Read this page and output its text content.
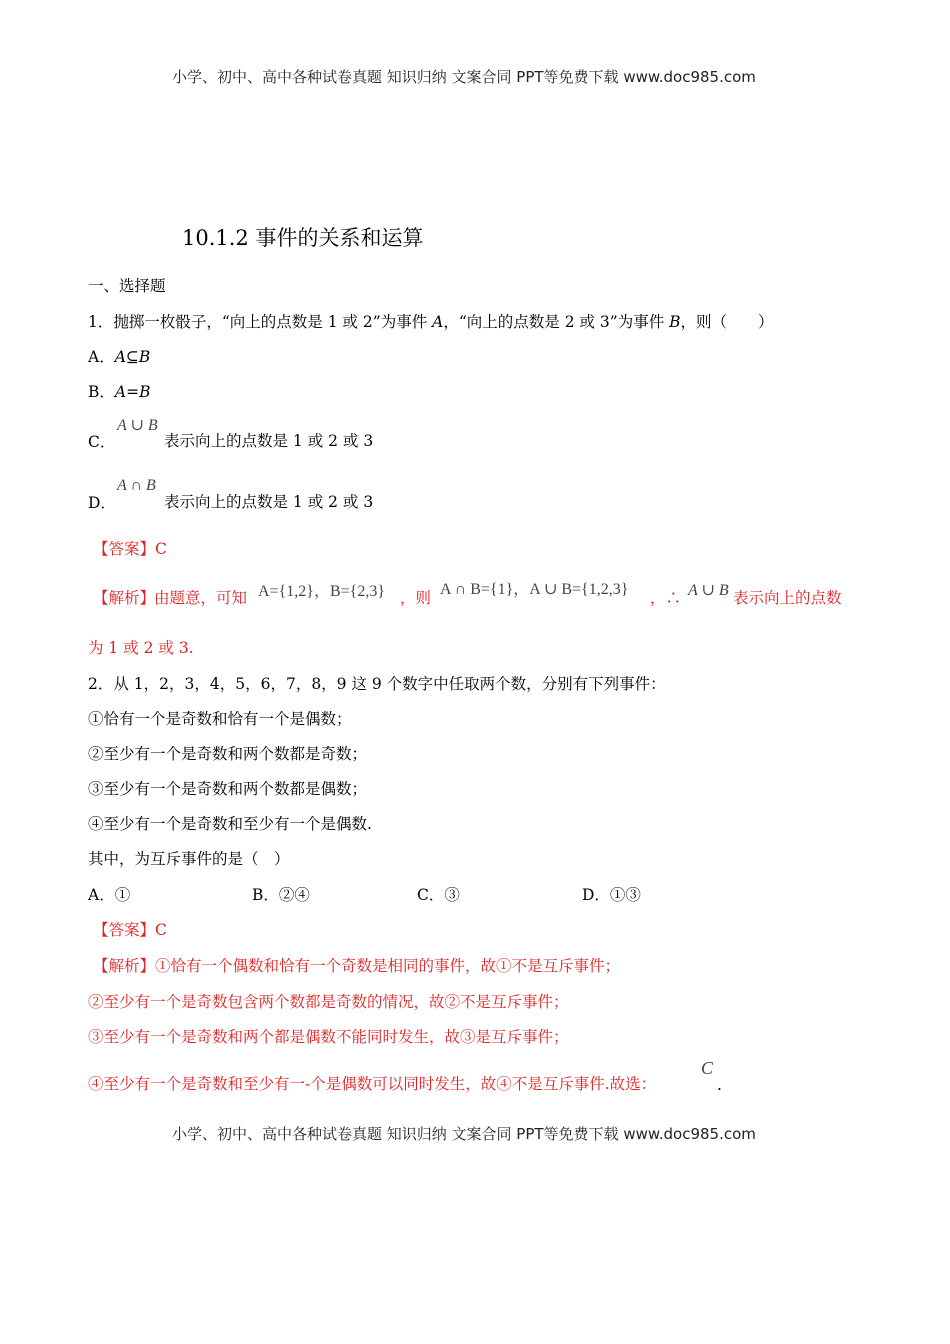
小学、初中、高中各种试卷真题 知识归纳 文案合同 PPT等免费下载 www.doc985.com
10.1.2 事件的关系和运算
一、选择题
1．抛掷一枚骰子，“向上的点数是 1 或 2”为事件 A，“向上的点数是 2 或 3”为事件 B，则（　　）
A．A⊆B
B．A=B
C．
A ∪ B
表示向上的点数是 1 或 2 或 3
D．
A ∩ B
表示向上的点数是 1 或 2 或 3
【答案】C
【解析】
由题意，可知 A={1,2}，B={2,3} ，则 A ∩ B={1}，A ∪ B={1,2,3} ，∴ A ∪ B 表示向上的点数
为 1 或 2 或 3.
2．从 1，2，3，4，5，6，7，8，9 这 9 个数字中任取两个数，分别有下列事件：
①恰有一个是奇数和恰有一个是偶数；
②至少有一个是奇数和两个数都是奇数；
③至少有一个是奇数和两个数都是偶数；
④至少有一个是奇数和至少有一个是偶数.
其中，为互斥事件的是（　）
A．①	B．②④	C．③	D．①③
【答案】C
【解析】①恰有一个偶数和恰有一个奇数是相同的事件，故①不是互斥事件；
②至少有一个是奇数包含两个数都是奇数的情况，故②不是互斥事件；
③至少有一个是奇数和两个都是偶数不能同时发生，故③是互斥事件；
④至少有一个是奇数和至少有一-个是偶数可以同时发生，故④不是互斥事件.故选：
C
.
小学、初中、高中各种试卷真题 知识归纳 文案合同 PPT等免费下载 www.doc985.com
